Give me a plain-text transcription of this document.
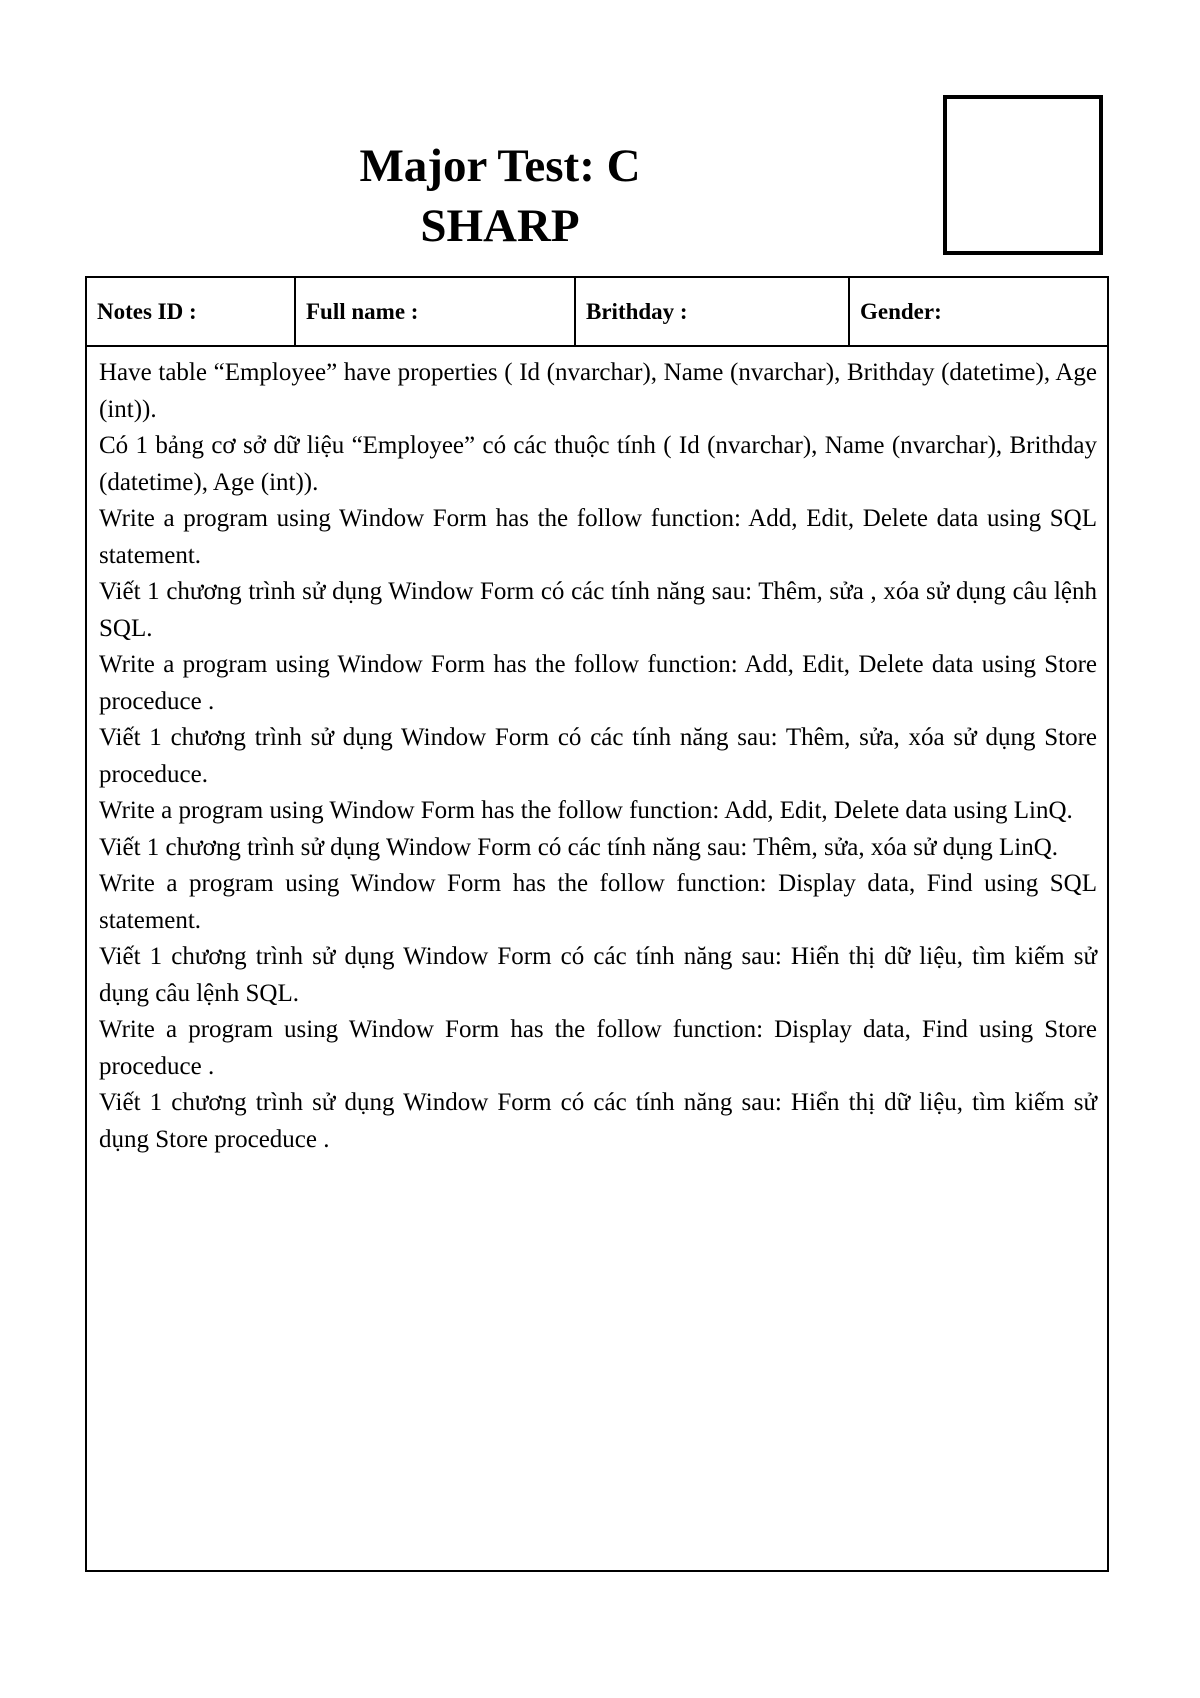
Major Test: C SHARP
Notes ID :	Full name :	Brithday :	Gender:

Have table “Employee” have properties ( Id (nvarchar), Name (nvarchar), Brithday (datetime), Age (int)).

Có 1 bảng cơ sở dữ liệu “Employee” có các thuộc tính ( Id (nvarchar), Name (nvarchar), Brithday (datetime), Age (int)).

Write a program using Window Form has the follow function: Add, Edit, Delete data using SQL statement.

Viết 1 chương trình sử dụng Window Form có các tính năng sau: Thêm, sửa , xóa sử dụng câu lệnh SQL.

Write a program using Window Form has the follow function: Add, Edit, Delete data using Store proceduce .

Viết 1 chương trình sử dụng Window Form có các tính năng sau: Thêm, sửa, xóa sử dụng Store proceduce.

Write a program using Window Form has the follow function: Add, Edit, Delete data using LinQ.

Viết 1 chương trình sử dụng Window Form có các tính năng sau: Thêm, sửa, xóa sử dụng LinQ.

Write a program using Window Form has the follow function: Display data, Find using SQL statement.

Viết 1 chương trình sử dụng Window Form có các tính năng sau: Hiển thị dữ liệu, tìm kiếm sử dụng câu lệnh SQL.

Write a program using Window Form has the follow function: Display data, Find using Store proceduce .

Viết 1 chương trình sử dụng Window Form có các tính năng sau: Hiển thị dữ liệu, tìm kiếm sử dụng Store proceduce .
